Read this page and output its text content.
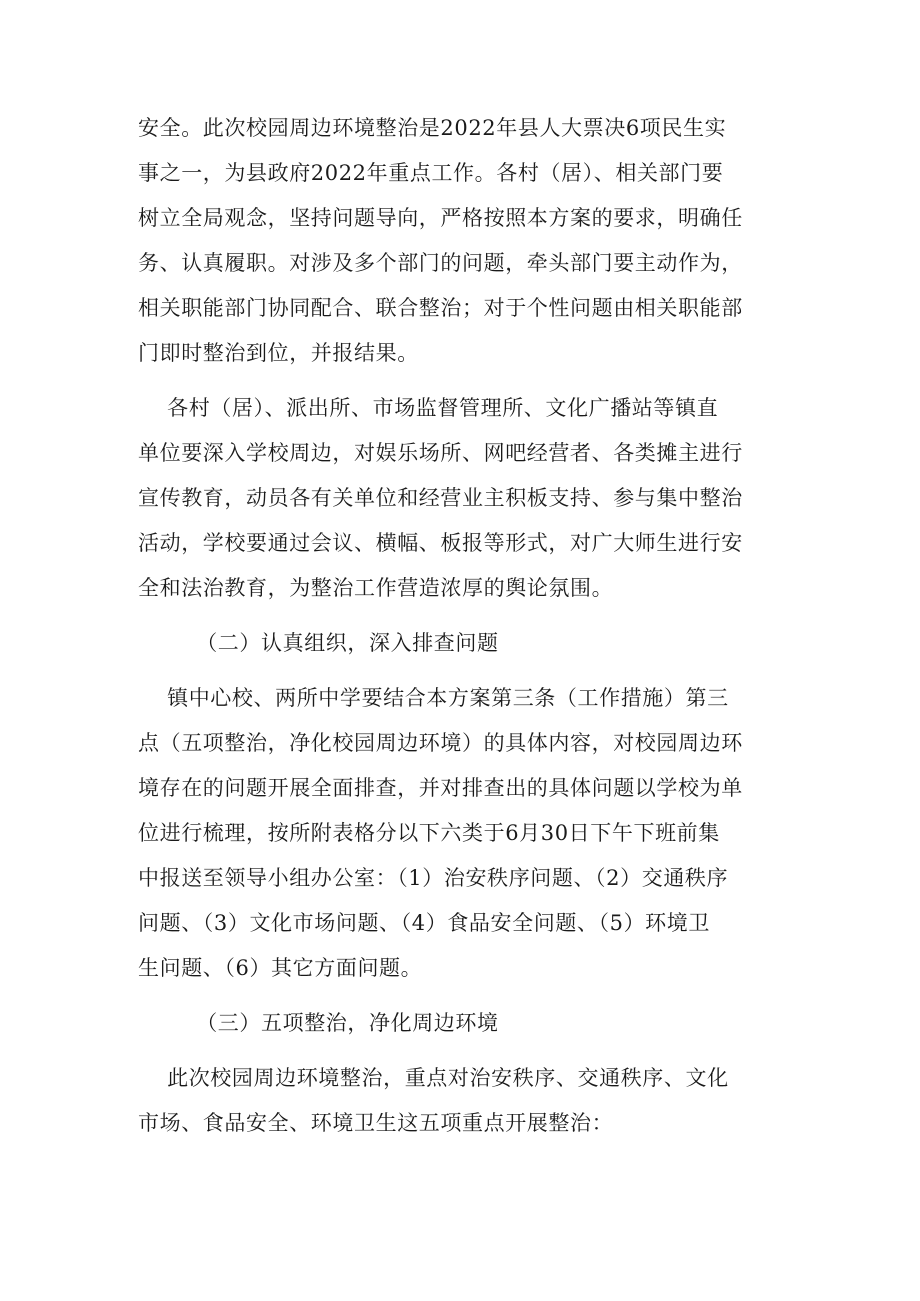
安全。此次校园周边环境整治是2022年县人大票决6项民生实
事之一，为县政府2022年重点工作。各村（居）、相关部门要
树立全局观念，坚持问题导向，严格按照本方案的要求，明确任
务、认真履职。对涉及多个部门的问题，牵头部门要主动作为，
相关职能部门协同配合、联合整治；对于个性问题由相关职能部
门即时整治到位，并报结果。
各村（居）、派出所、市场监督管理所、文化广播站等镇直
单位要深入学校周边，对娱乐场所、网吧经营者、各类摊主进行
宣传教育，动员各有关单位和经营业主积板支持、参与集中整治
活动，学校要通过会议、横幅、板报等形式，对广大师生进行安
全和法治教育，为整治工作营造浓厚的舆论氛围。
（二）认真组织，深入排查问题
镇中心校、两所中学要结合本方案第三条（工作措施）第三
点（五项整治，净化校园周边环境）的具体内容，对校园周边环
境存在的问题开展全面排查，并对排查出的具体问题以学校为单
位进行梳理，按所附表格分以下六类于6月30日下午下班前集
中报送至领导小组办公室：（1）治安秩序问题、（2）交通秩序
问题、（3）文化市场问题、（4）食品安全问题、（5）环境卫
生问题、（6）其它方面问题。
（三）五项整治，净化周边环境
此次校园周边环境整治，重点对治安秩序、交通秩序、文化
市场、食品安全、环境卫生这五项重点开展整治：
